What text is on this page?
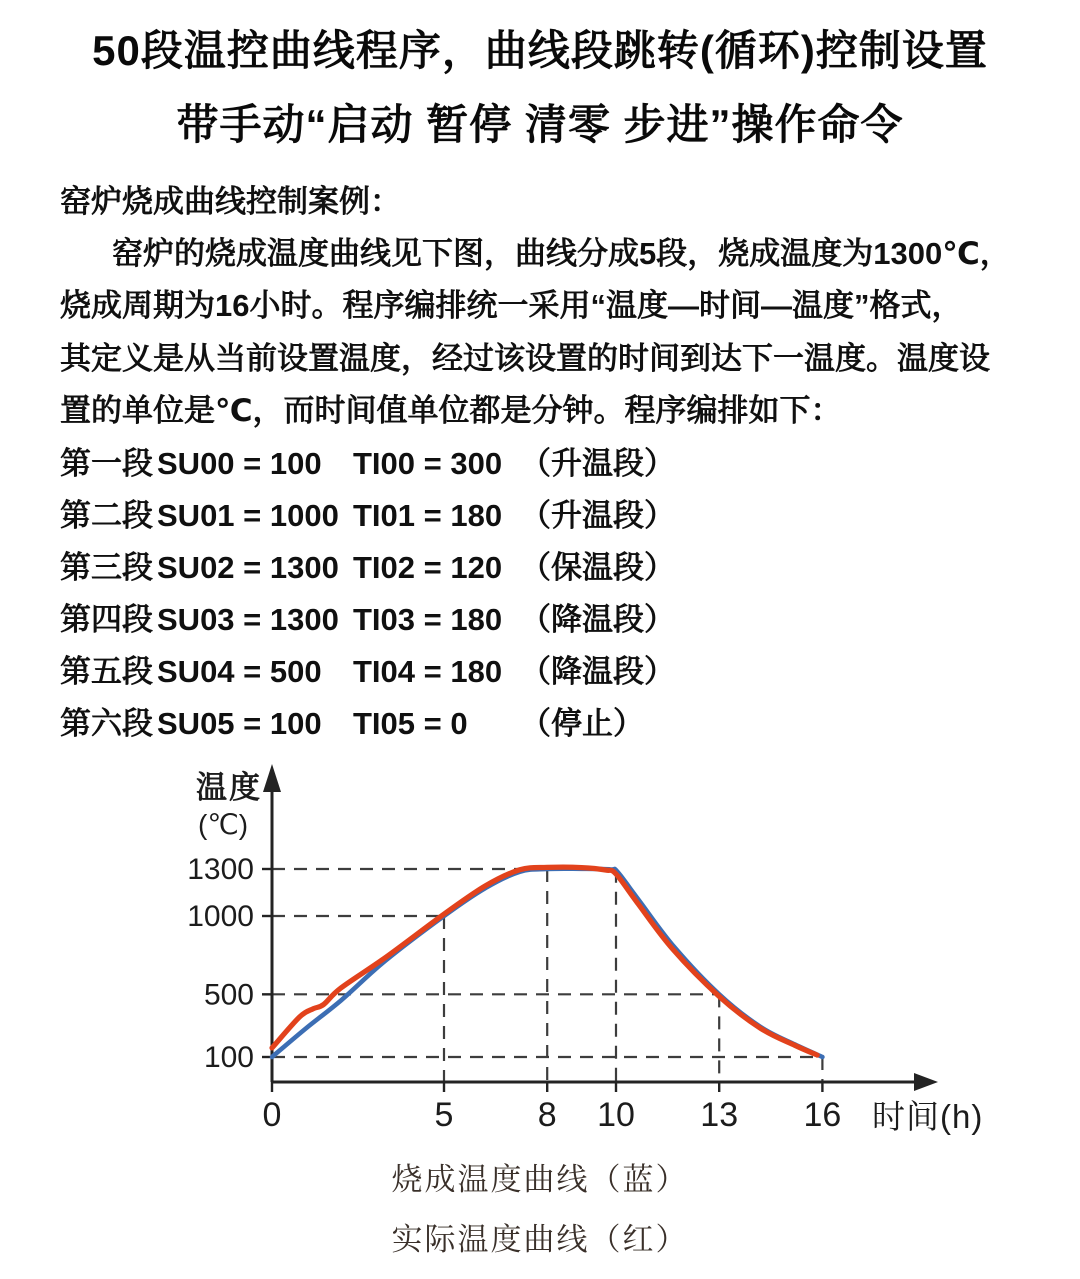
50段温控曲线程序，曲线段跳转(循环)控制设置
带手动“启动 暂停 清零 步进”操作命令
窑炉烧成曲线控制案例：
窑炉的烧成温度曲线见下图，曲线分成5段，烧成温度为1300℃，
烧成周期为16小时。程序编排统一采用“温度—时间—温度”格式，
其定义是从当前设置温度，经过该设置的时间到达下一温度。温度设
置的单位是℃，而时间值单位都是分钟。程序编排如下：
第一段 SU00 = 100	TI00 = 300 （升温段）
第二段 SU01 = 1000 TI01 = 180 （升温段）
第三段 SU02 = 1300 TI02 = 120 （保温段）
第四段 SU03 = 1300 TI03 = 180 （降温段）
第五段 SU04 = 500	TI04 = 180 （降温段）
第六段 SU05 = 100	TI05 = 0	（停止）
0	5 8 10 13 16
100
500
1000
1300
温度
(℃)
时间(h)
烧成温度曲线（蓝）
实际温度曲线（红）
